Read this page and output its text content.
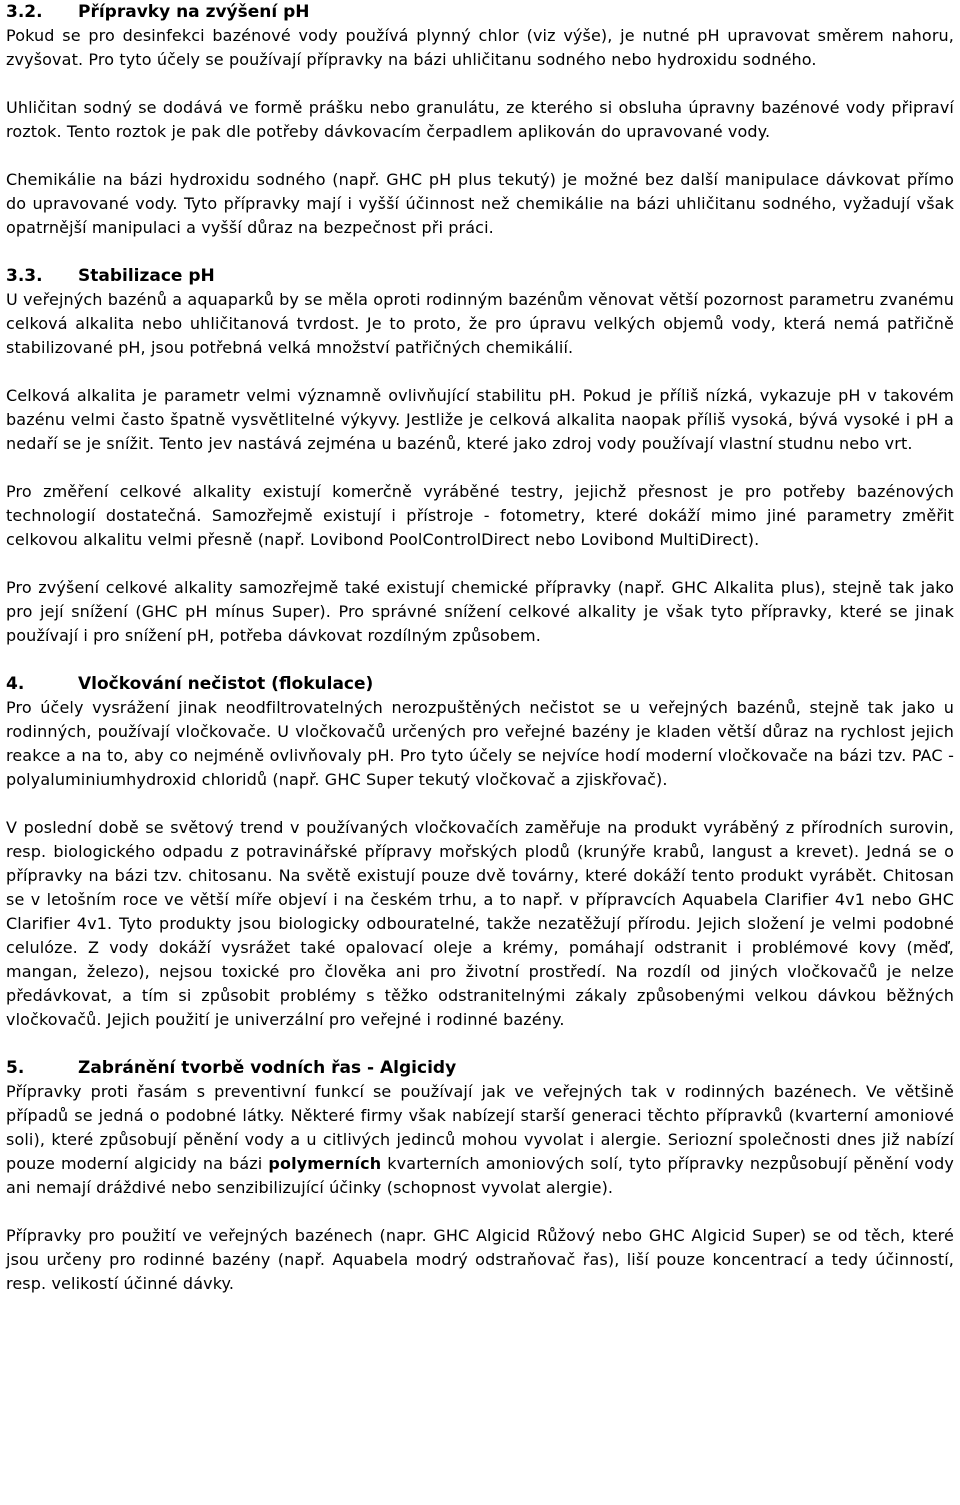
3.2. Přípravky na zvýšení pH

Pokud se pro desinfekci bazénové vody používá plynný chlor (viz výše), je nutné pH upravovat směrem nahoru, zvyšovat. Pro tyto účely se používají přípravky na bázi uhličitanu sodného nebo hydroxidu sodného.

Uhličitan sodný se dodává ve formě prášku nebo granulátu, ze kterého si obsluha úpravny bazénové vody připraví roztok. Tento roztok je pak dle potřeby dávkovacím čerpadlem aplikován do upravované vody.

Chemikálie na bázi hydroxidu sodného (např. GHC pH plus tekutý) je možné bez další manipulace dávkovat přímo do upravované vody. Tyto přípravky mají i vyšší účinnost než chemikálie na bázi uhličitanu sodného, vyžadují však opatrnější manipulaci a vyšší důraz na bezpečnost při práci.

3.3. Stabilizace pH

U veřejných bazénů a aquaparků by se měla oproti rodinným bazénům věnovat větší pozornost parametru zvanému celková alkalita nebo uhličitanová tvrdost. Je to proto, že pro úpravu velkých objemů vody, která nemá patřičně stabilizované pH, jsou potřebná velká množství patřičných chemikálií.

Celková alkalita je parametr velmi významně ovlivňující stabilitu pH. Pokud je příliš nízká, vykazuje pH v takovém bazénu velmi často špatně vysvětlitelné výkyvy. Jestliže je celková alkalita naopak příliš vysoká, bývá vysoké i pH a nedaří se je snížit. Tento jev nastává zejména u bazénů, které jako zdroj vody používají vlastní studnu nebo vrt.

Pro změření celkové alkality existují komerčně vyráběné testry, jejichž přesnost je pro potřeby bazénových technologií dostatečná. Samozřejmě existují i přístroje - fotometry, které dokáží mimo jiné parametry změřit celkovou alkalitu velmi přesně (např. Lovibond PoolControlDirect nebo Lovibond MultiDirect).

Pro zvýšení celkové alkality samozřejmě také existují chemické přípravky (např. GHC Alkalita plus), stejně tak jako pro její snížení (GHC pH mínus Super). Pro správné snížení celkové alkality je však tyto přípravky, které se jinak používají i pro snížení pH, potřeba dávkovat rozdílným způsobem.

4.	Vločkování nečistot (flokulace)

Pro účely vysrážení jinak neodfiltrovatelných nerozpuštěných nečistot se u veřejných bazénů, stejně tak jako u rodinných, používají vločkovače. U vločkovačů určených pro veřejné bazény je kladen větší důraz na rychlost jejich reakce a na to, aby co nejméně ovlivňovaly pH. Pro tyto účely se nejvíce hodí moderní vločkovače na bázi tzv. PAC - polyaluminiumhydroxid chloridů (např. GHC Super tekutý vločkovač a zjiskřovač).

V poslední době se světový trend v používaných vločkovačích zaměřuje na produkt vyráběný z přírodních surovin, resp. biologického odpadu z potravinářské přípravy mořských plodů (krunýře krabů, langust a krevet). Jedná se o přípravky na bázi tzv. chitosanu. Na světě existují pouze dvě továrny, které dokáží tento produkt vyrábět. Chitosan se v letošním roce ve větší míře objeví i na českém trhu, a to např. v přípravcích Aquabela Clarifier 4v1 nebo GHC Clarifier 4v1. Tyto produkty jsou biologicky odbouratelné, takže nezatěžují přírodu. Jejich složení je velmi podobné celulóze. Z vody dokáží vysrážet také opalovací oleje a krémy, pomáhají odstranit i problémové kovy (měď, mangan, železo), nejsou toxické pro člověka ani pro životní prostředí. Na rozdíl od jiných vločkovačů je nelze předávkovat, a tím si způsobit problémy s těžko odstranitelnými zákaly způsobenými velkou dávkou běžných vločkovačů. Jejich použití je univerzální pro veřejné i rodinné bazény.

5.	Zabránění tvorbě vodních řas - Algicidy

Přípravky proti řasám s preventivní funkcí se používají jak ve veřejných tak v rodinných bazénech. Ve většině případů se jedná o podobné látky. Některé firmy však nabízejí starší generaci těchto přípravků (kvarterní amoniové soli), které způsobují pěnění vody a u citlivých jedinců mohou vyvolat i alergie. Seriozní společnosti dnes již nabízí pouze moderní algicidy na bázi polymerních kvarterních amoniových solí, tyto přípravky nezpůsobují pěnění vody ani nemají dráždivé nebo senzibilizující účinky (schopnost vyvolat alergie).

Přípravky pro použití ve veřejných bazénech (napr. GHC Algicid Růžový nebo GHC Algicid Super) se od těch, které jsou určeny pro rodinné bazény (např. Aquabela modrý odstraňovač řas), liší pouze koncentrací a tedy účinností, resp. velikostí účinné dávky.
